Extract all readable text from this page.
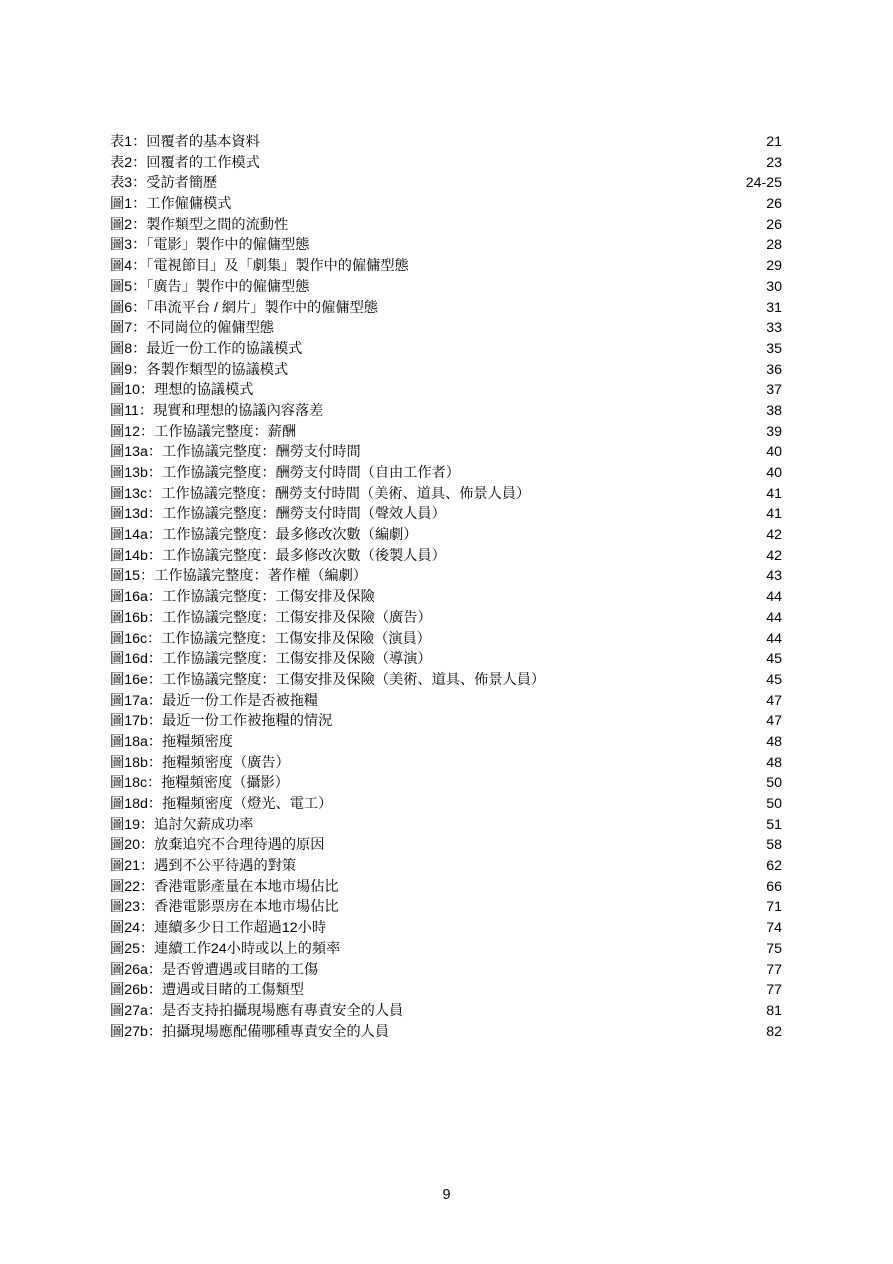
表1：回覆者的基本資料	21
表2：回覆者的工作模式	23
表3：受訪者簡歷	24-25
圖1：工作僱傭模式	26
圖2：製作類型之間的流動性	26
圖3：「電影」製作中的僱傭型態	28
圖4：「電視節目」及「劇集」製作中的僱傭型態	29
圖5：「廣告」製作中的僱傭型態	30
圖6：「串流平台 / 網片」製作中的僱傭型態	31
圖7：不同崗位的僱傭型態	33
圖8：最近一份工作的協議模式	35
圖9：各製作類型的協議模式	36
圖10：理想的協議模式	37
圖11：現實和理想的協議內容落差	38
圖12：工作協議完整度：薪酬	39
圖13a：工作協議完整度：酬勞支付時間	40
圖13b：工作協議完整度：酬勞支付時間（自由工作者）	40
圖13c：工作協議完整度：酬勞支付時間（美術、道具、佈景人員）	41
圖13d：工作協議完整度：酬勞支付時間（聲效人員）	41
圖14a：工作協議完整度：最多修改次數（編劇）	42
圖14b：工作協議完整度：最多修改次數（後製人員）	42
圖15：工作協議完整度：著作權（編劇）	43
圖16a：工作協議完整度：工傷安排及保險	44
圖16b：工作協議完整度：工傷安排及保險（廣告）	44
圖16c：工作協議完整度：工傷安排及保險（演員）	44
圖16d：工作協議完整度：工傷安排及保險（導演）	45
圖16e：工作協議完整度：工傷安排及保險（美術、道具、佈景人員）	45
圖17a：最近一份工作是否被拖糧	47
圖17b：最近一份工作被拖糧的情況	47
圖18a：拖糧頻密度	48
圖18b：拖糧頻密度（廣告）	48
圖18c：拖糧頻密度（攝影）	50
圖18d：拖糧頻密度（燈光、電工）	50
圖19：追討欠薪成功率	51
圖20：放棄追究不合理待遇的原因	58
圖21：遇到不公平待遇的對策	62
圖22：香港電影產量在本地市場佔比	66
圖23：香港電影票房在本地市場佔比	71
圖24：連續多少日工作超過12小時	74
圖25：連續工作24小時或以上的頻率	75
圖26a：是否曾遭遇或目睹的工傷	77
圖26b：遭遇或目睹的工傷類型	77
圖27a：是否支持拍攝現場應有專責安全的人員	81
圖27b：拍攝現場應配備哪種專責安全的人員	82
9
